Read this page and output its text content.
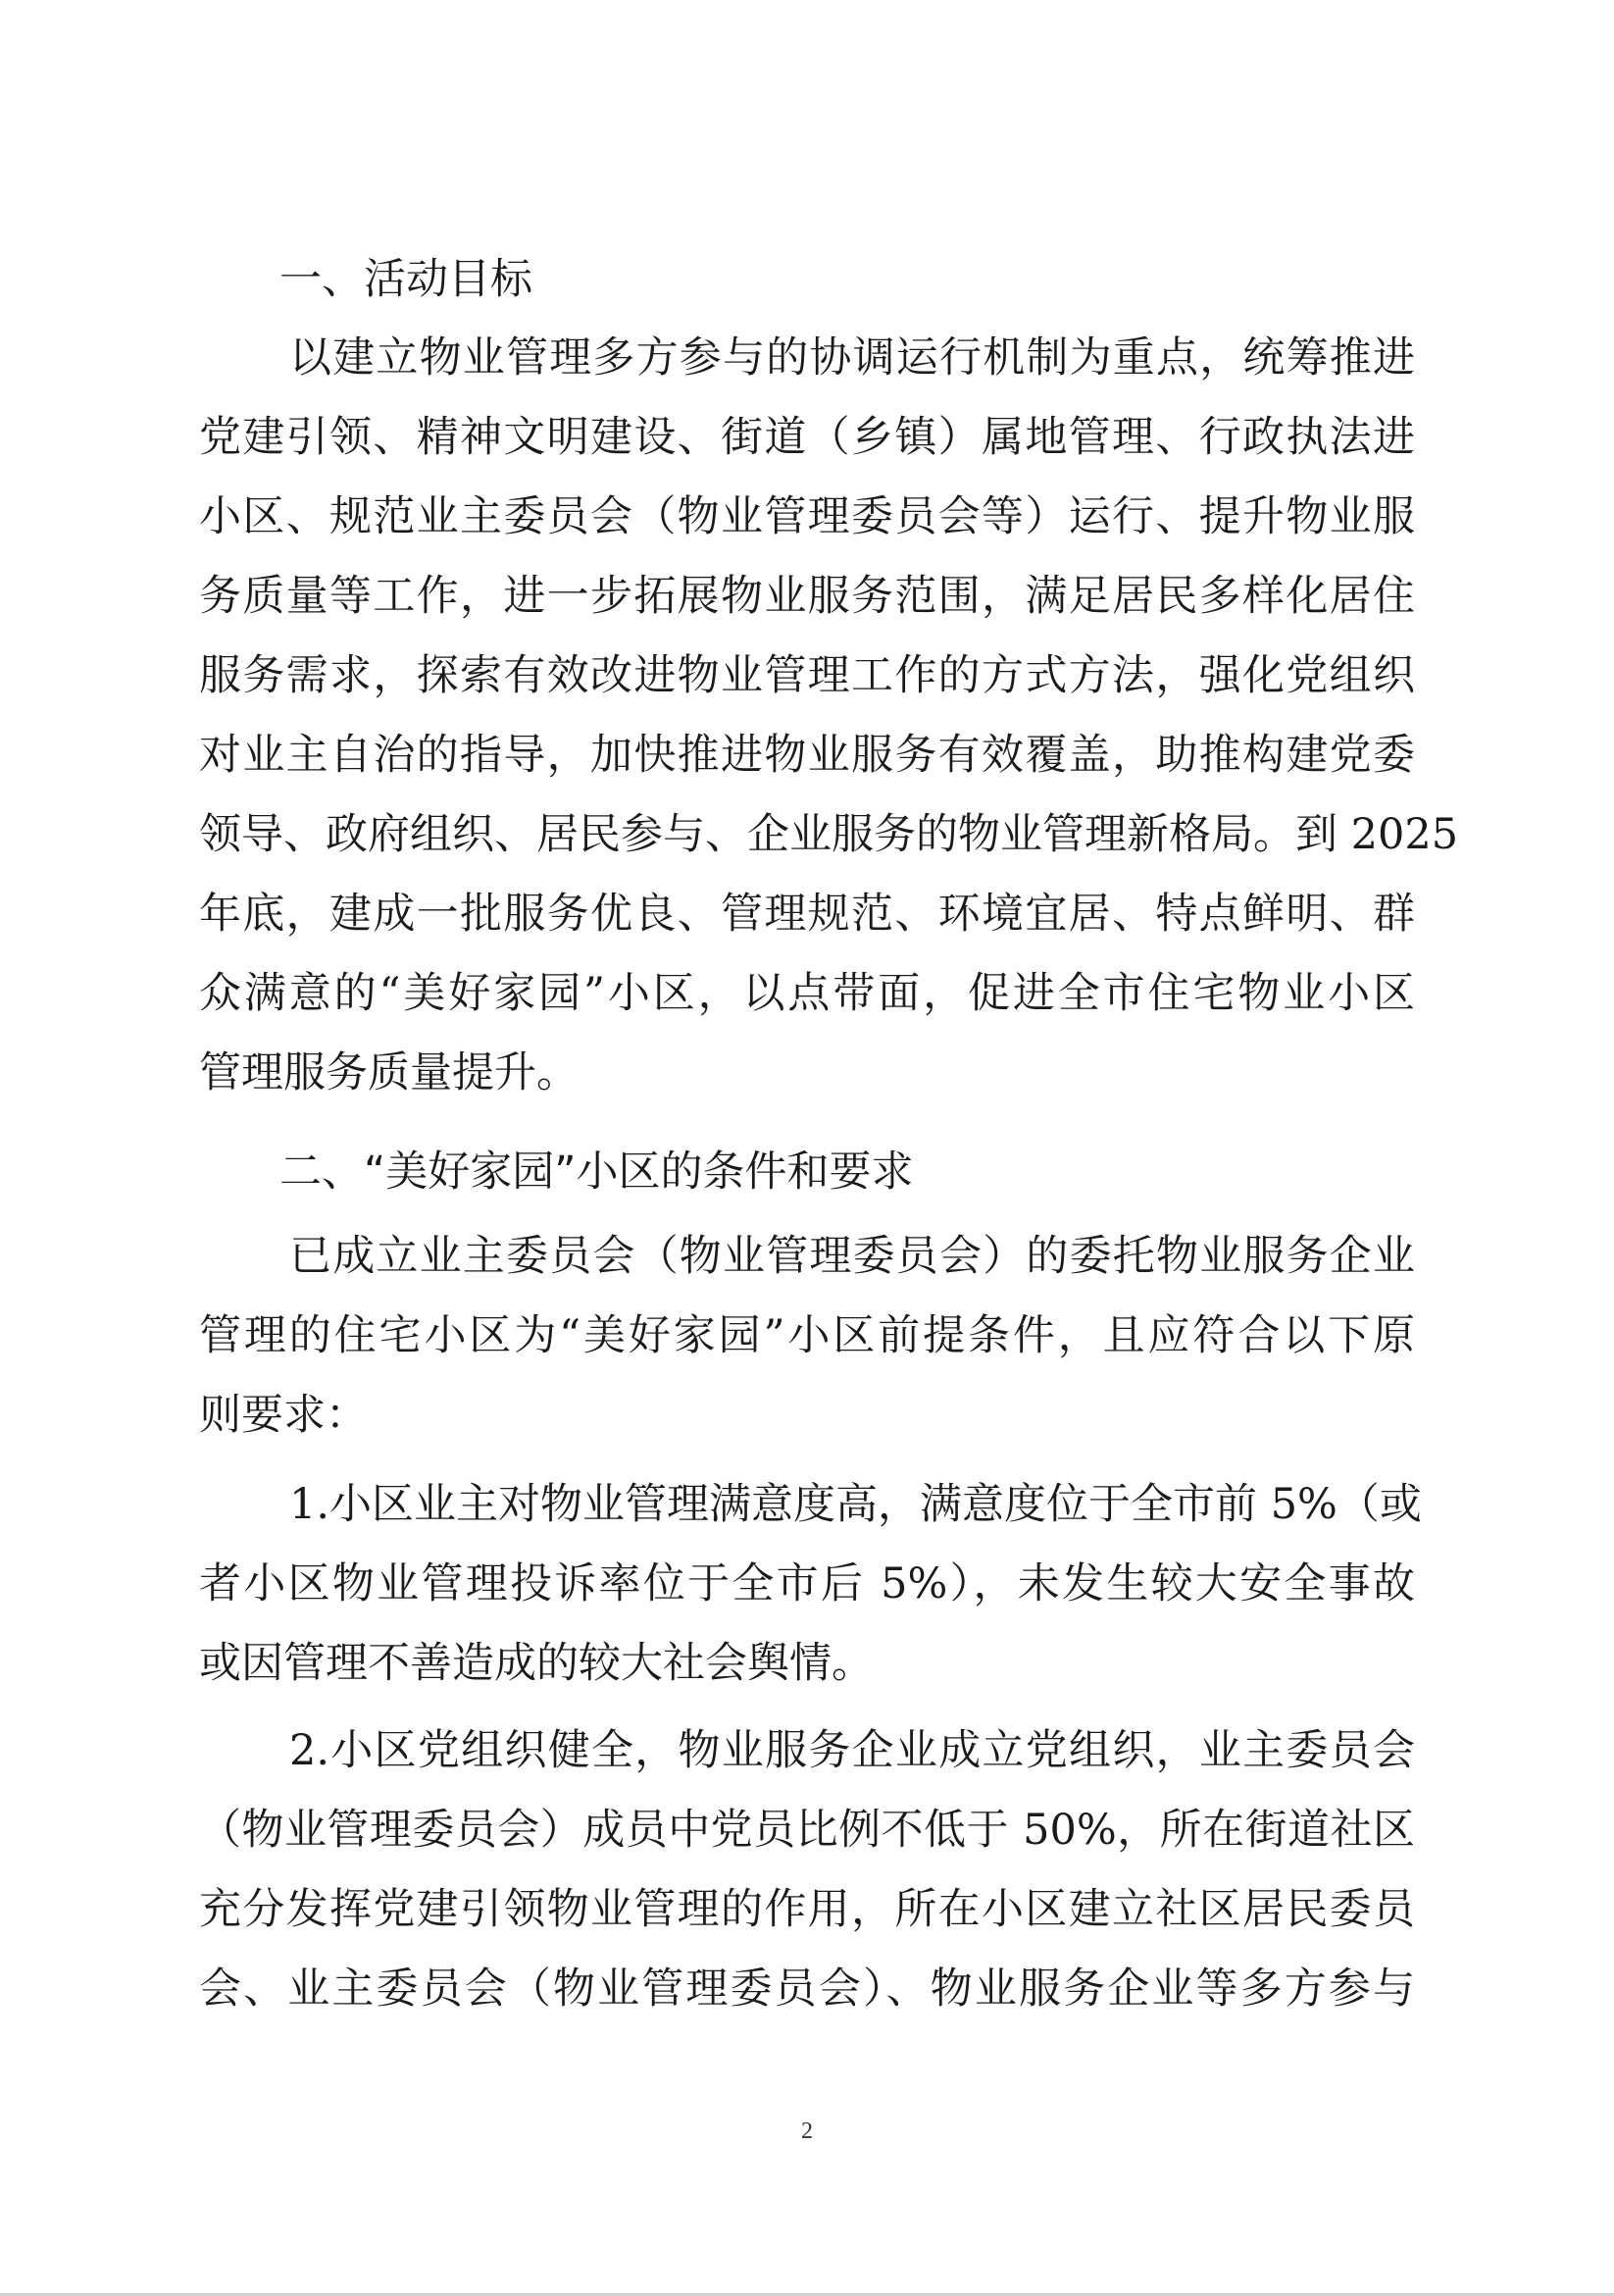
一、活动目标
以建立物业管理多方参与的协调运行机制为重点，统筹推进
党建引领、精神文明建设、街道（乡镇）属地管理、行政执法进
小区、规范业主委员会（物业管理委员会等）运行、提升物业服
务质量等工作，进一步拓展物业服务范围，满足居民多样化居住
服务需求，探索有效改进物业管理工作的方式方法，强化党组织
对业主自治的指导，加快推进物业服务有效覆盖，助推构建党委
领导、政府组织、居民参与、企业服务的物业管理新格局。到 2025
年底，建成一批服务优良、管理规范、环境宜居、特点鲜明、群
众满意的“美好家园”小区，以点带面，促进全市住宅物业小区
管理服务质量提升。
二、“美好家园”小区的条件和要求
已成立业主委员会（物业管理委员会）的委托物业服务企业
管理的住宅小区为“美好家园”小区前提条件，且应符合以下原
则要求：
1.小区业主对物业管理满意度高，满意度位于全市前 5%（或
者小区物业管理投诉率位于全市后 5%），未发生较大安全事故
或因管理不善造成的较大社会舆情。
2.小区党组织健全，物业服务企业成立党组织，业主委员会
（物业管理委员会）成员中党员比例不低于 50%，所在街道社区
充分发挥党建引领物业管理的作用，所在小区建立社区居民委员
会、业主委员会（物业管理委员会）、物业服务企业等多方参与
2
